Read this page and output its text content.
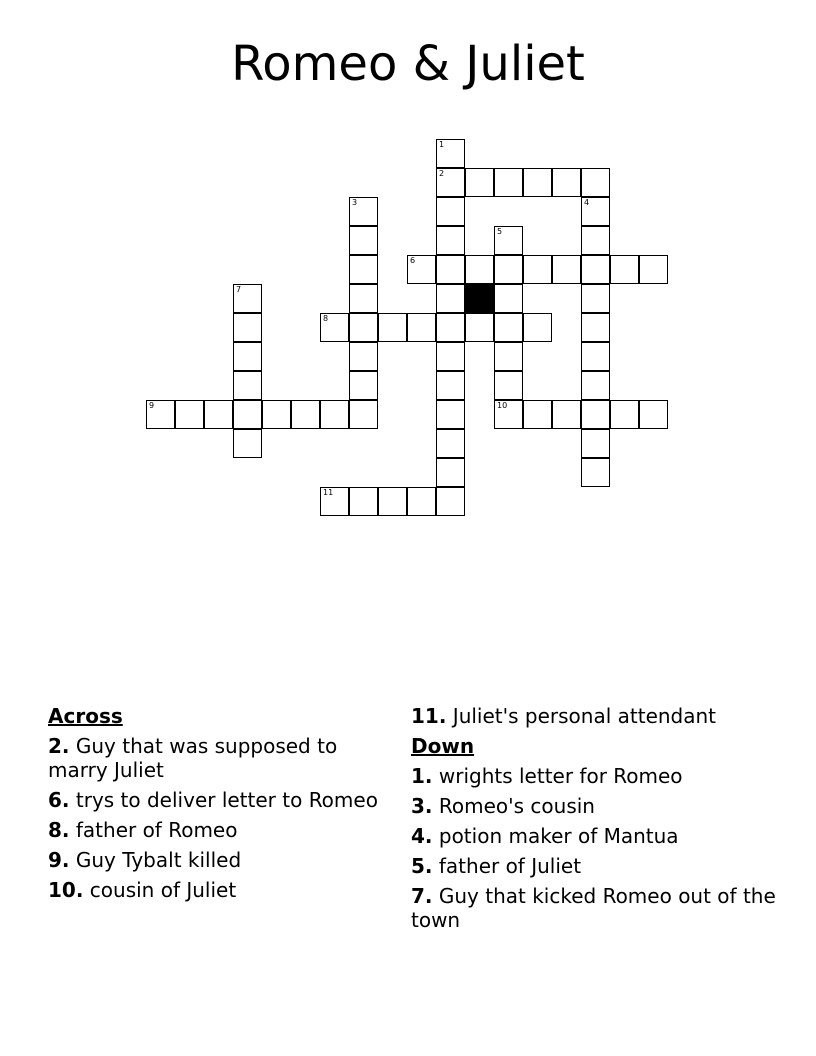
Romeo & Juliet
2
6
8
9	10
11
1
3	4
5
7
Across
2. Guy that was supposed to marry Juliet
6. trys to deliver letter to Romeo
8. father of Romeo
9. Guy Tybalt killed
10. cousin of Juliet
11. Juliet's personal attendant
Down
1. wrights letter for Romeo
3. Romeo's cousin
4. potion maker of Mantua
5. father of Juliet
7. Guy that kicked Romeo out of the town
